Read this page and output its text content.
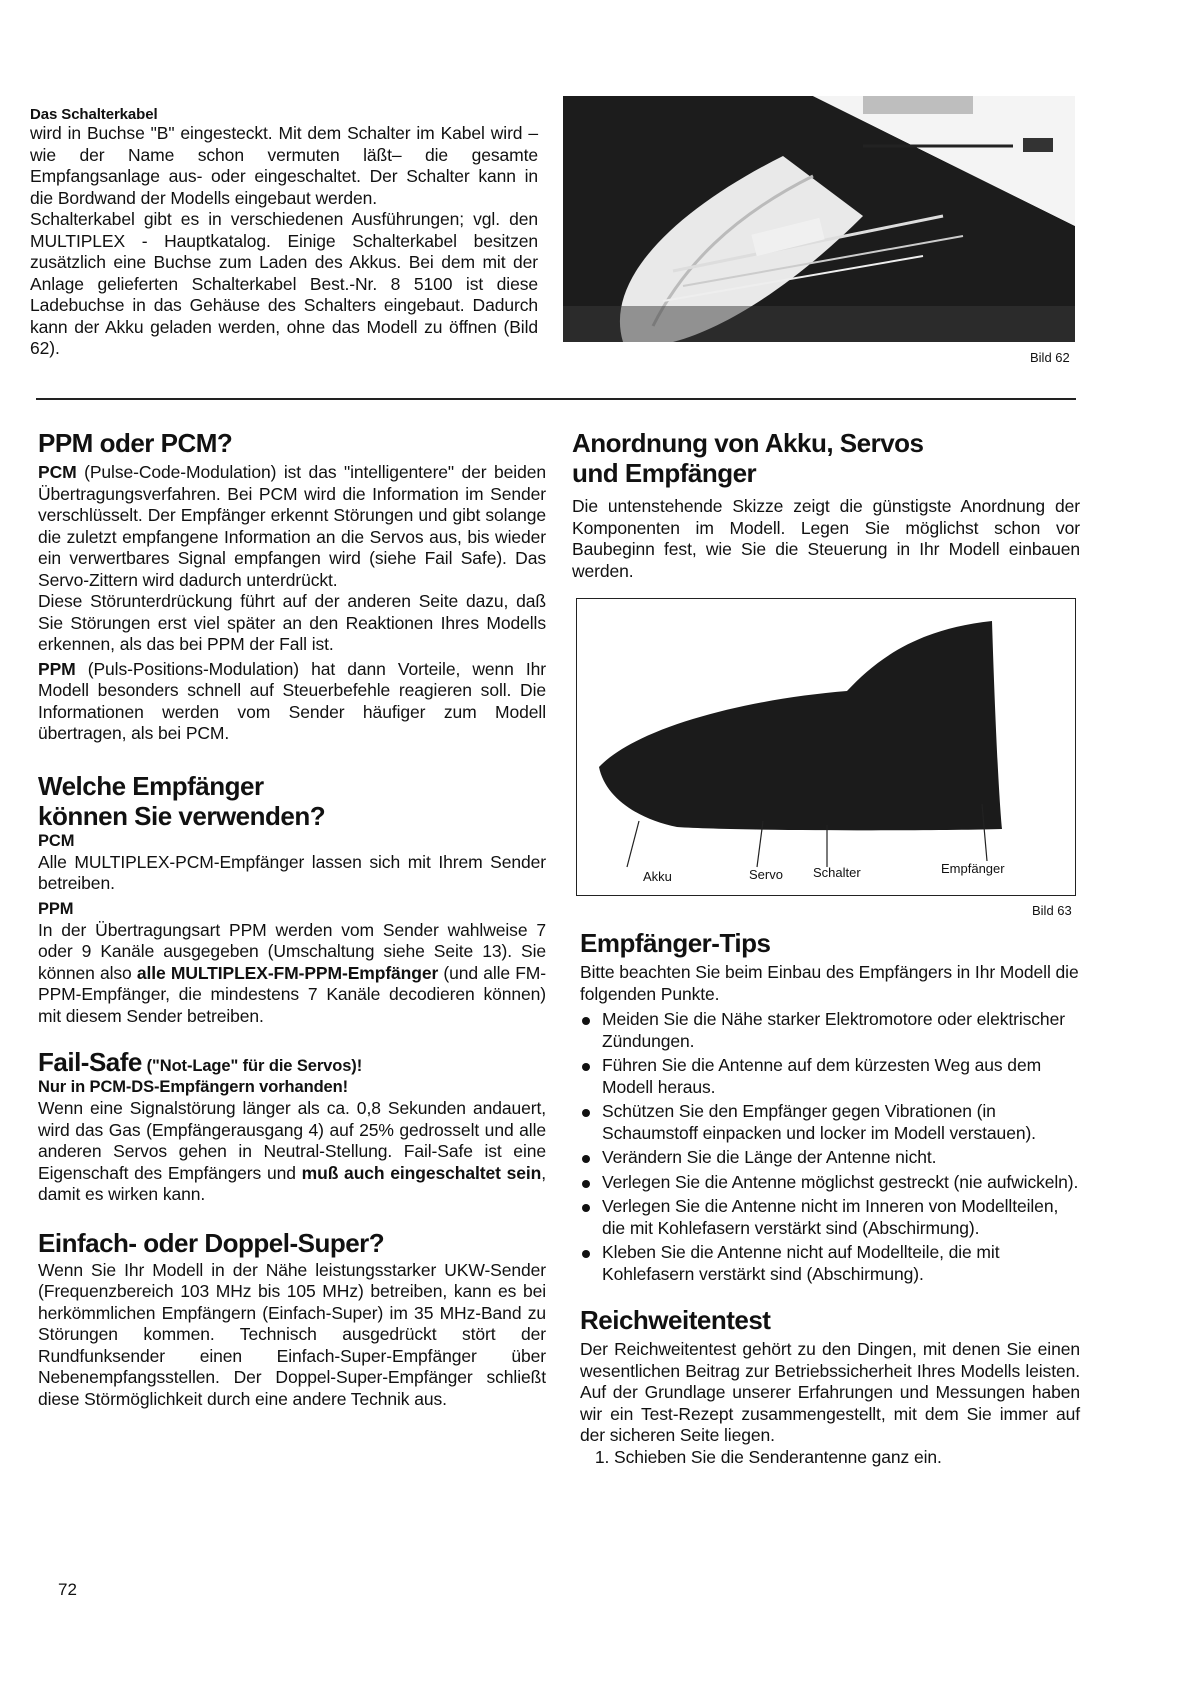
Das Schalterkabel

wird in Buchse "B" eingesteckt. Mit dem Schalter im Kabel wird –wie der Name schon vermuten läßt– die gesamte Empfangsanlage aus- oder eingeschaltet. Der Schalter kann in die Bordwand der Modells eingebaut werden.

Schalterkabel gibt es in verschiedenen Ausführungen; vgl. den MULTIPLEX - Hauptkatalog. Einige Schalterkabel besitzen zusätzlich eine Buchse zum Laden des Akkus. Bei dem mit der Anlage gelieferten Schalterkabel Best.-Nr. 8 5100 ist diese Ladebuchse in das Gehäuse des Schalters eingebaut. Dadurch kann der Akku geladen werden, ohne das Modell zu öffnen (Bild 62).	Bild 62
PPM oder PCM?

PCM (Pulse-Code-Modulation) ist das "intelligentere" der beiden Übertragungsverfahren. Bei PCM wird die Information im Sender verschlüsselt. Der Empfänger erkennt Störungen und gibt solange die zuletzt empfangene Information an die Servos aus, bis wieder ein verwertbares Signal empfangen wird (siehe Fail Safe). Das Servo-Zittern wird dadurch unterdrückt.

Diese Störunterdrückung führt auf der anderen Seite dazu, daß Sie Störungen erst viel später an den Reaktionen Ihres Modells erkennen, als das bei PPM der Fall ist.

PPM (Puls-Positions-Modulation) hat dann Vorteile, wenn Ihr Modell besonders schnell auf Steuerbefehle reagieren soll. Die Informationen werden vom Sender häufiger zum Modell übertragen, als bei PCM.

Welche Empfänger
können Sie verwenden?
PCM

Alle MULTIPLEX-PCM-Empfänger lassen sich mit Ihrem Sender betreiben.

PPM

In der Übertragungsart PPM werden vom Sender wahlweise 7 oder 9 Kanäle ausgegeben (Umschaltung siehe Seite 13). Sie können also alle MULTIPLEX-FM-PPM-Empfänger (und alle FM-PPM-Empfänger, die mindestens 7 Kanäle decodieren können) mit diesem Sender betreiben.

Fail-Safe ("Not-Lage" für die Servos)!
Nur in PCM-DS-Empfängern vorhanden!

Wenn eine Signalstörung länger als ca. 0,8 Sekunden andauert, wird das Gas (Empfängerausgang 4) auf 25% gedrosselt und alle anderen Servos gehen in Neutral-Stellung. Fail-Safe ist eine Eigenschaft des Empfängers und muß auch eingeschaltet sein, damit es wirken kann.

Einfach- oder Doppel-Super?

Wenn Sie Ihr Modell in der Nähe leistungsstarker UKW-Sender (Frequenzbereich 103 MHz bis 105 MHz) betreiben, kann es bei herkömmlichen Empfängern (Einfach-Super) im 35 MHz-Band zu Störungen kommen. Technisch ausgedrückt stört der Rundfunksender einen Einfach-Super-Empfänger über Nebenempfangsstellen. Der Doppel-Super-Empfänger schließt diese Störmöglichkeit durch eine andere Technik aus.

72
Anordnung von Akku, Servos
und Empfänger

Die untenstehende Skizze zeigt die günstigste Anordnung der Komponenten im Modell. Legen Sie möglichst schon vor Baubeginn fest, wie Sie die Steuerung in Ihr Modell einbauen werden.

Akku	Servo Schalter	Empfänger
Bild 63
Empfänger-Tips

Bitte beachten Sie beim Einbau des Empfängers in Ihr Modell die folgenden Punkte.

Meiden Sie die Nähe starker Elektromotore oder elektrischer Zündungen.
Führen Sie die Antenne auf dem kürzesten Weg aus dem Modell heraus.
Schützen Sie den Empfänger gegen Vibrationen (in Schaumstoff einpacken und locker im Modell verstauen).
Verändern Sie die Länge der Antenne nicht.
Verlegen Sie die Antenne möglichst gestreckt (nie aufwickeln).
Verlegen Sie die Antenne nicht im Inneren von Modellteilen, die mit Kohlefasern verstärkt sind (Abschirmung).
Kleben Sie die Antenne nicht auf Modellteile, die mit Kohlefasern verstärkt sind (Abschirmung).
Reichweitentest

Der Reichweitentest gehört zu den Dingen, mit denen Sie einen wesentlichen Beitrag zur Betriebssicherheit Ihres Modells leisten. Auf der Grundlage unserer Erfahrungen und Messungen haben wir ein Test-Rezept zusammengestellt, mit dem Sie immer auf der sicheren Seite liegen.

1. Schieben Sie die Senderantenne ganz ein.
